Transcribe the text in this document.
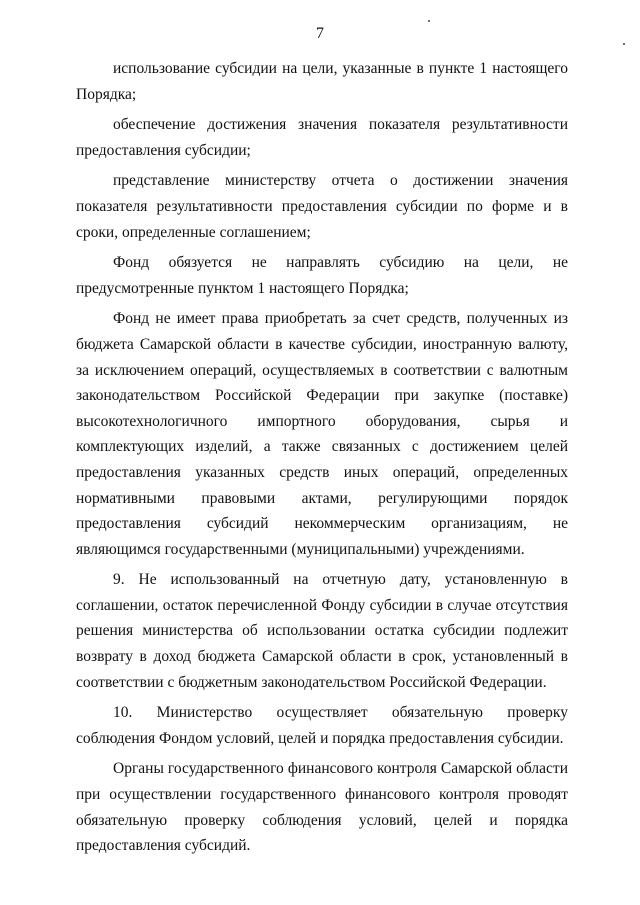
7

использование субсидии на цели, указанные в пункте 1 настоящего Порядка;

обеспечение достижения значения показателя результативности предоставления субсидии;

представление министерству отчета о достижении значения показателя результативности предоставления субсидии по форме и в сроки, определенные соглашением;

Фонд обязуется не направлять субсидию на цели, не предусмотренные пунктом 1 настоящего Порядка;

Фонд не имеет права приобретать за счет средств, полученных из бюджета Самарской области в качестве субсидии, иностранную валюту, за исключением операций, осуществляемых в соответствии с валютным законодательством Российской Федерации при закупке (поставке) высокотехнологичного импортного оборудования, сырья и комплектующих изделий, а также связанных с достижением целей предоставления указанных средств иных операций, определенных нормативными правовыми актами, регулирующими порядок предоставления субсидий некоммерческим организациям, не являющимся государственными (муниципальными) учреждениями.

9. Не использованный на отчетную дату, установленную в соглашении, остаток перечисленной Фонду субсидии в случае отсутствия решения министерства об использовании остатка субсидии подлежит возврату в доход бюджета Самарской области в срок, установленный в соответствии с бюджетным законодательством Российской Федерации.

10. Министерство осуществляет обязательную проверку соблюдения Фондом условий, целей и порядка предоставления субсидии.

Органы государственного финансового контроля Самарской области при осуществлении государственного финансового контроля проводят обязательную проверку соблюдения условий, целей и порядка предоставления субсидий.
